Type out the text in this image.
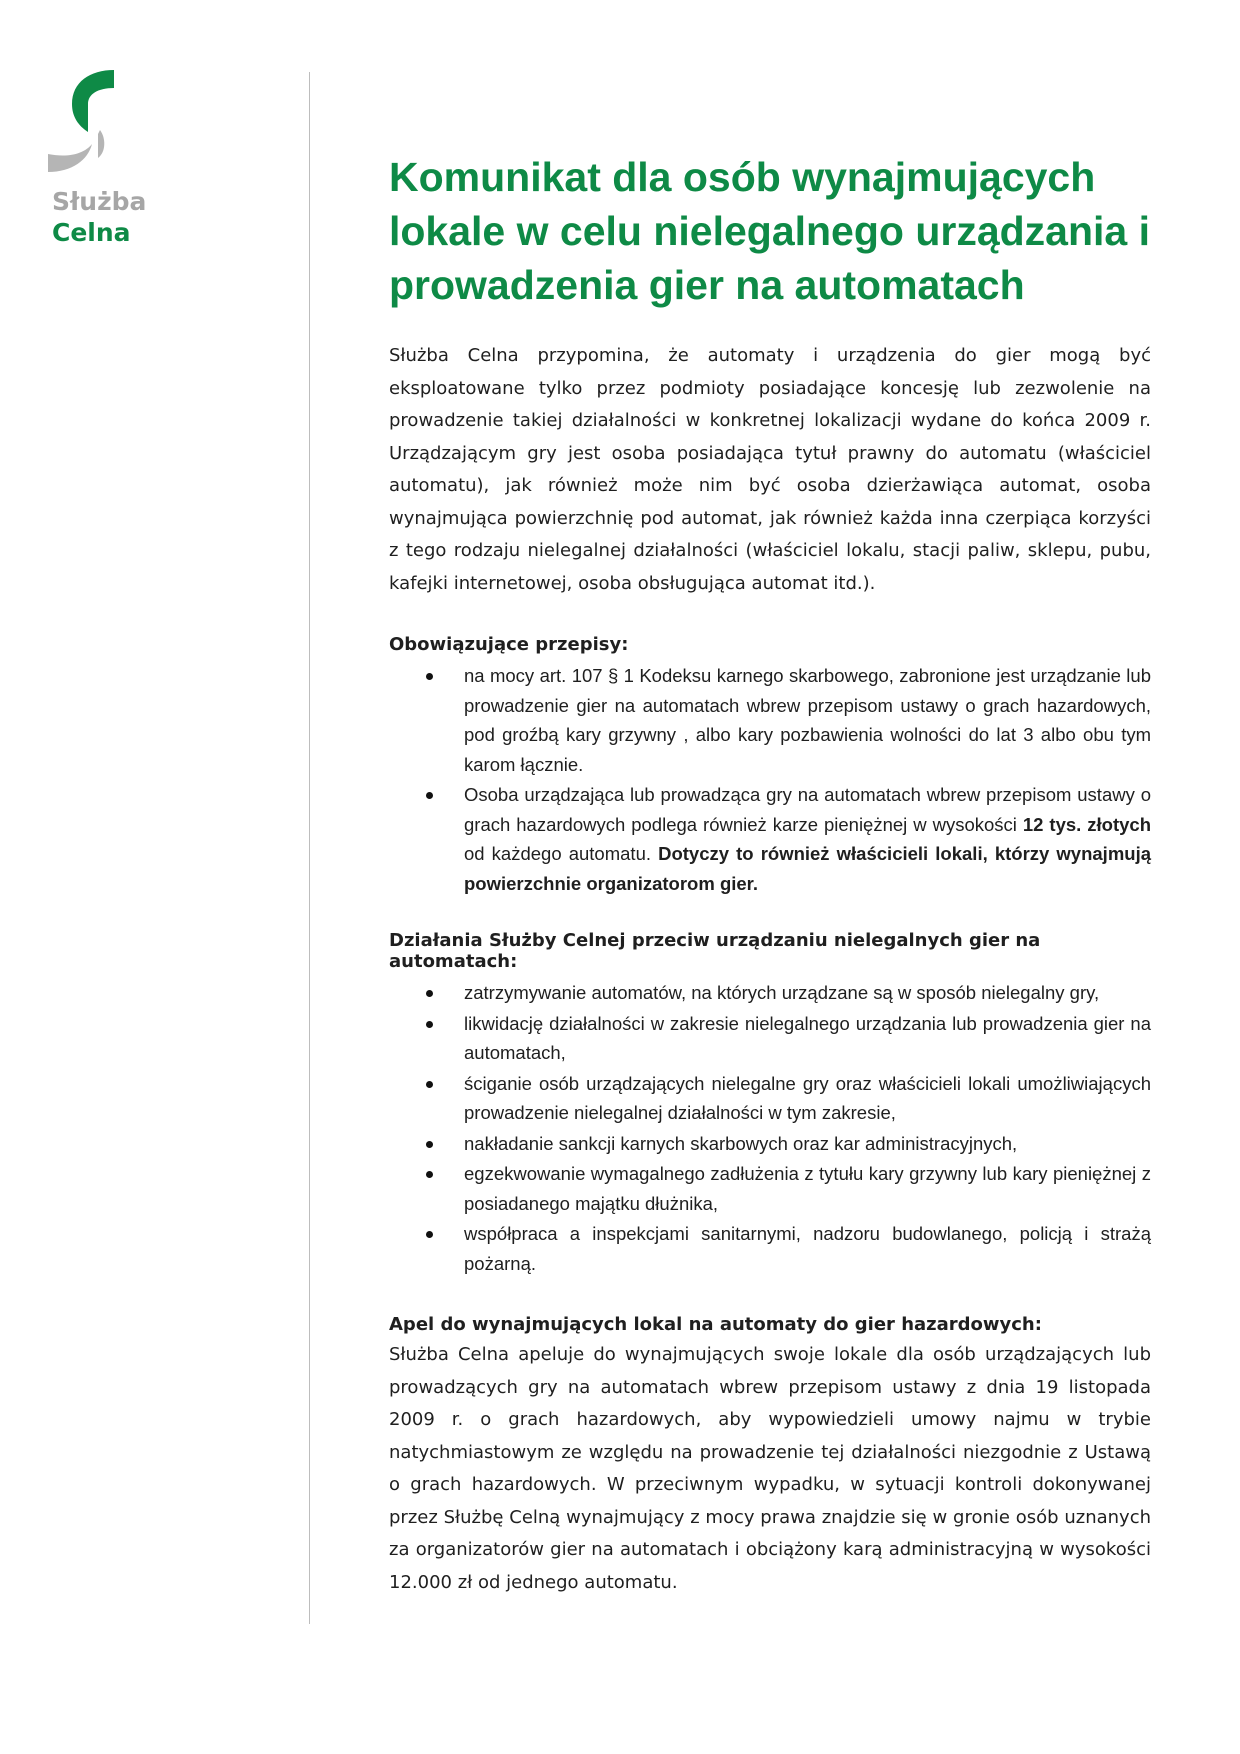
Służba
Celna
Komunikat dla osób wynajmujących lokale w celu nielegalnego urządzania i prowadzenia gier na automatach

Służba Celna przypomina, że automaty i urządzenia do gier mogą być eksploatowane tylko przez podmioty posiadające koncesję lub zezwolenie na prowadzenie takiej działalności w konkretnej lokalizacji wydane do końca 2009 r. Urządzającym gry jest osoba posiadająca tytuł prawny do automatu (właściciel automatu), jak również może nim być osoba dzierżawiąca automat, osoba wynajmująca powierzchnię pod automat, jak również każda inna czerpiąca korzyści z tego rodzaju nielegalnej działalności (właściciel lokalu, stacji paliw, sklepu, pubu, kafejki internetowej, osoba obsługująca automat itd.).

Obowiązujące przepisy:
na mocy art. 107 § 1 Kodeksu karnego skarbowego, zabronione jest urządzanie lub prowadzenie gier na automatach wbrew przepisom ustawy o grach hazardowych, pod groźbą kary grzywny , albo kary pozbawienia wolności do lat 3 albo obu tym karom łącznie.
Osoba urządzająca lub prowadząca gry na automatach wbrew przepisom ustawy o grach hazardowych podlega również karze pieniężnej w wysokości 12 tys. złotych od każdego automatu. Dotyczy to również właścicieli lokali, którzy wynajmują powierzchnie organizatorom gier.
Działania Służby Celnej przeciw urządzaniu nielegalnych gier na automatach:
zatrzymywanie automatów, na których urządzane są w sposób nielegalny gry,
likwidację działalności w zakresie nielegalnego urządzania lub prowadzenia gier na automatach,
ściganie osób urządzających nielegalne gry oraz właścicieli lokali umożliwiających prowadzenie nielegalnej działalności w tym zakresie,
nakładanie sankcji karnych skarbowych oraz kar administracyjnych,
egzekwowanie wymagalnego zadłużenia z tytułu kary grzywny lub kary pieniężnej z posiadanego majątku dłużnika,
współpraca a inspekcjami sanitarnymi, nadzoru budowlanego, policją i strażą pożarną.
Apel do wynajmujących lokal na automaty do gier hazardowych:

Służba Celna apeluje do wynajmujących swoje lokale dla osób urządzających lub prowadzących gry na automatach wbrew przepisom ustawy z dnia 19 listopada 2009 r. o grach hazardowych, aby wypowiedzieli umowy najmu w trybie natychmiastowym ze względu na prowadzenie tej działalności niezgodnie z Ustawą o grach hazardowych. W przeciwnym wypadku, w sytuacji kontroli dokonywanej przez Służbę Celną wynajmujący z mocy prawa znajdzie się w gronie osób uznanych za organizatorów gier na automatach i obciążony karą administracyjną w wysokości 12.000 zł od jednego automatu.
